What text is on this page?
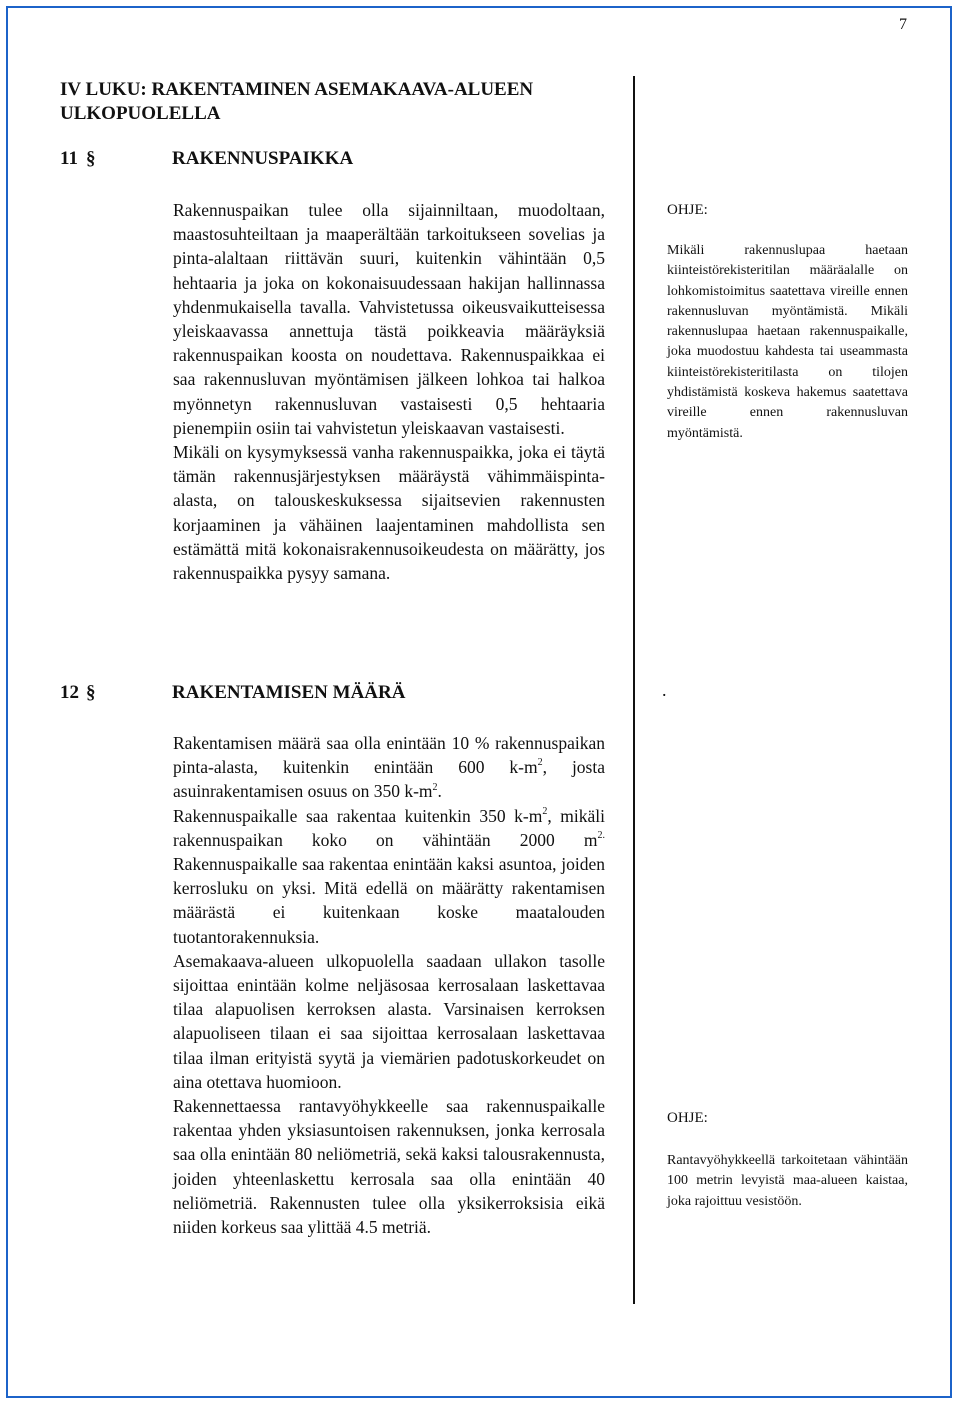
7
IV LUKU: RAKENTAMINEN ASEMAKAAVA-ALUEEN
ULKOPUOLELLA
11 §	RAKENNUSPAIKKA

Rakennuspaikan tulee olla sijainniltaan, muodoltaan, maastosuhteiltaan ja maaperältään tarkoitukseen sovelias ja pinta-alaltaan riittävän suuri, kuitenkin vähintään 0,5 hehtaaria ja joka on kokonaisuudessaan hakijan hallinnassa yhdenmukaisella tavalla. Vahvistetussa oikeusvaikutteisessa yleiskaavassa annettuja tästä poikkeavia määräyksiä rakennuspaikan koosta on noudettava. Rakennuspaikkaa ei saa rakennusluvan myöntämisen jälkeen lohkoa tai halkoa myönnetyn rakennusluvan vastaisesti 0,5 hehtaaria pienempiin osiin tai vahvistetun yleiskaavan vastaisesti.

Mikäli on kysymyksessä vanha rakennuspaikka, joka ei täytä tämän rakennusjärjestyksen määräystä vähimmäispinta-alasta, on talouskeskuksessa sijaitsevien rakennusten korjaaminen ja vähäinen laajentaminen mahdollista sen estämättä mitä kokonaisrakennusoikeudesta on määrätty, jos rakennuspaikka pysyy samana.

12 §	RAKENTAMISEN MÄÄRÄ

Rakentamisen määrä saa olla enintään 10 % rakennuspaikan pinta-alasta, kuitenkin enintään 600 $k-m^2$, josta asuinrakentamisen osuus on 350 $k-m^2$.

Rakennuspaikalle saa rakentaa kuitenkin 350 $k-m^2$, mikäli rakennuspaikan koko on vähintään 2000 $m^{2.}$ Rakennuspaikalle saa rakentaa enintään kaksi asuntoa, joiden kerrosluku on yksi. Mitä edellä on määrätty rakentamisen määrästä ei kuitenkaan koske maatalouden tuotantorakennuksia.

Asemakaava-alueen ulkopuolella saadaan ullakon tasolle sijoittaa enintään kolme neljäsosaa kerrosalaan laskettavaa tilaa alapuolisen kerroksen alasta. Varsinaisen kerroksen alapuoliseen tilaan ei saa sijoittaa kerrosalaan laskettavaa tilaa ilman erityistä syytä ja viemärien padotuskorkeudet on aina otettava huomioon.

Rakennettaessa rantavyöhykkeelle saa rakennuspaikalle rakentaa yhden yksiasuntoisen rakennuksen, jonka kerrosala saa olla enintään 80 neliömetriä, sekä kaksi talousrakennusta, joiden yhteenlaskettu kerrosala saa olla enintään 40 neliömetriä. Rakennusten tulee olla yksikerroksisia eikä niiden korkeus saa ylittää 4.5 metriä.

OHJE:

Mikäli rakennuslupaa haetaan kiinteistörekisteritilan määräalalle on lohkomistoimitus saatettava vireille ennen rakennusluvan myöntämistä. Mikäli rakennuslupaa haetaan rakennuspaikalle, joka muodostuu kahdesta tai useammasta kiinteistörekisteritilasta on tilojen yhdistämistä koskeva hakemus saatettava vireille ennen rakennusluvan myöntämistä.

.
OHJE:

Rantavyöhykkeellä tarkoitetaan vähintään 100 metrin levyistä maa-alueen kaistaa, joka rajoittuu vesistöön.
